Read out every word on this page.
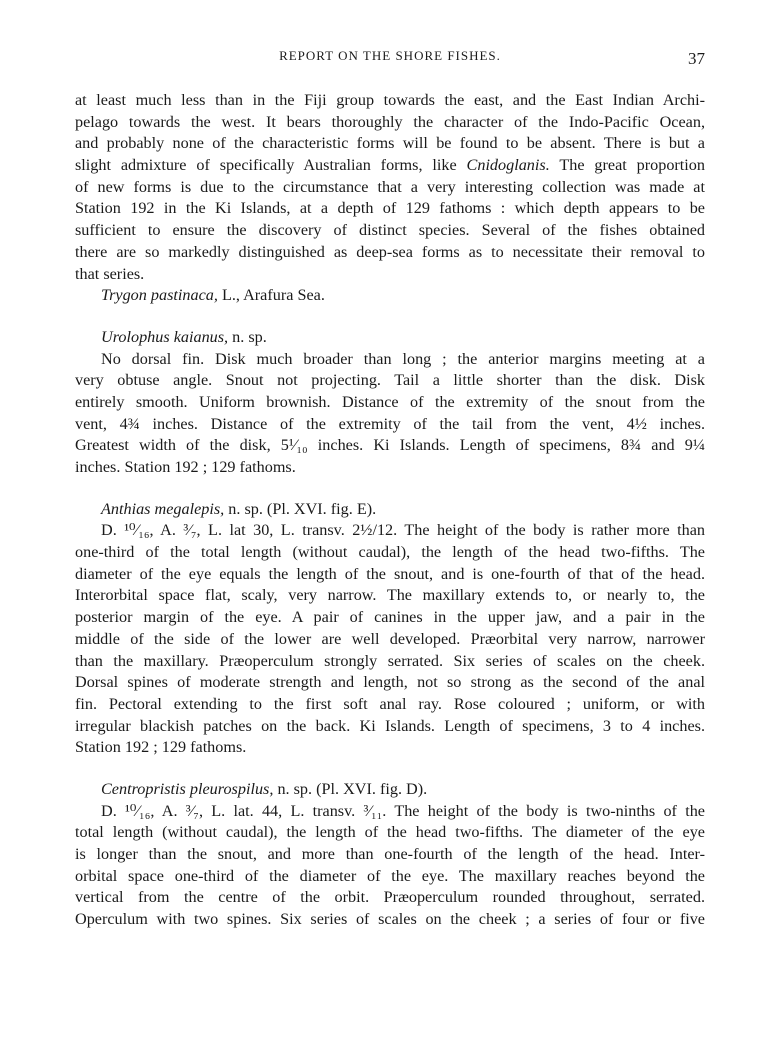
REPORT ON THE SHORE FISHES.	37
at least much less than in the Fiji group towards the east, and the East Indian Archi-
pelago towards the west. It bears thoroughly the character of the Indo-Pacific Ocean,
and probably none of the characteristic forms will be found to be absent. There is but a
slight admixture of specifically Australian forms, like Cnidoglanis. The great proportion
of new forms is due to the circumstance that a very interesting collection was made at
Station 192 in the Ki Islands, at a depth of 129 fathoms : which depth appears to be
sufficient to ensure the discovery of distinct species. Several of the fishes obtained
there are so markedly distinguished as deep-sea forms as to necessitate their removal to
that series.
Trygon pastinaca, L., Arafura Sea.
Urolophus kaianus, n. sp.
No dorsal fin. Disk much broader than long ; the anterior margins meeting at a
very obtuse angle. Snout not projecting. Tail a little shorter than the disk. Disk
entirely smooth. Uniform brownish. Distance of the extremity of the snout from the
vent, 4¾ inches. Distance of the extremity of the tail from the vent, 4½ inches.
Greatest width of the disk, 5¹⁄₁₀ inches. Ki Islands. Length of specimens, 8¾ and 9¼
inches. Station 192 ; 129 fathoms.
Anthias megalepis, n. sp. (Pl. XVI. fig. E).
D. ¹⁰⁄₁₆, A. ³⁄₇, L. lat 30, L. transv. 2½/12. The height of the body is rather more than
one-third of the total length (without caudal), the length of the head two-fifths. The
diameter of the eye equals the length of the snout, and is one-fourth of that of the head.
Interorbital space flat, scaly, very narrow. The maxillary extends to, or nearly to, the
posterior margin of the eye. A pair of canines in the upper jaw, and a pair in the
middle of the side of the lower are well developed. Præorbital very narrow, narrower
than the maxillary. Præoperculum strongly serrated. Six series of scales on the cheek.
Dorsal spines of moderate strength and length, not so strong as the second of the anal
fin. Pectoral extending to the first soft anal ray. Rose coloured ; uniform, or with
irregular blackish patches on the back. Ki Islands. Length of specimens, 3 to 4 inches.
Station 192 ; 129 fathoms.
Centropristis pleurospilus, n. sp. (Pl. XVI. fig. D).
D. ¹⁰⁄₁₆, A. ³⁄₇, L. lat. 44, L. transv. ³⁄₁₁. The height of the body is two-ninths of the
total length (without caudal), the length of the head two-fifths. The diameter of the eye
is longer than the snout, and more than one-fourth of the length of the head. Inter-
orbital space one-third of the diameter of the eye. The maxillary reaches beyond the
vertical from the centre of the orbit. Præoperculum rounded throughout, serrated.
Operculum with two spines. Six series of scales on the cheek ; a series of four or five
